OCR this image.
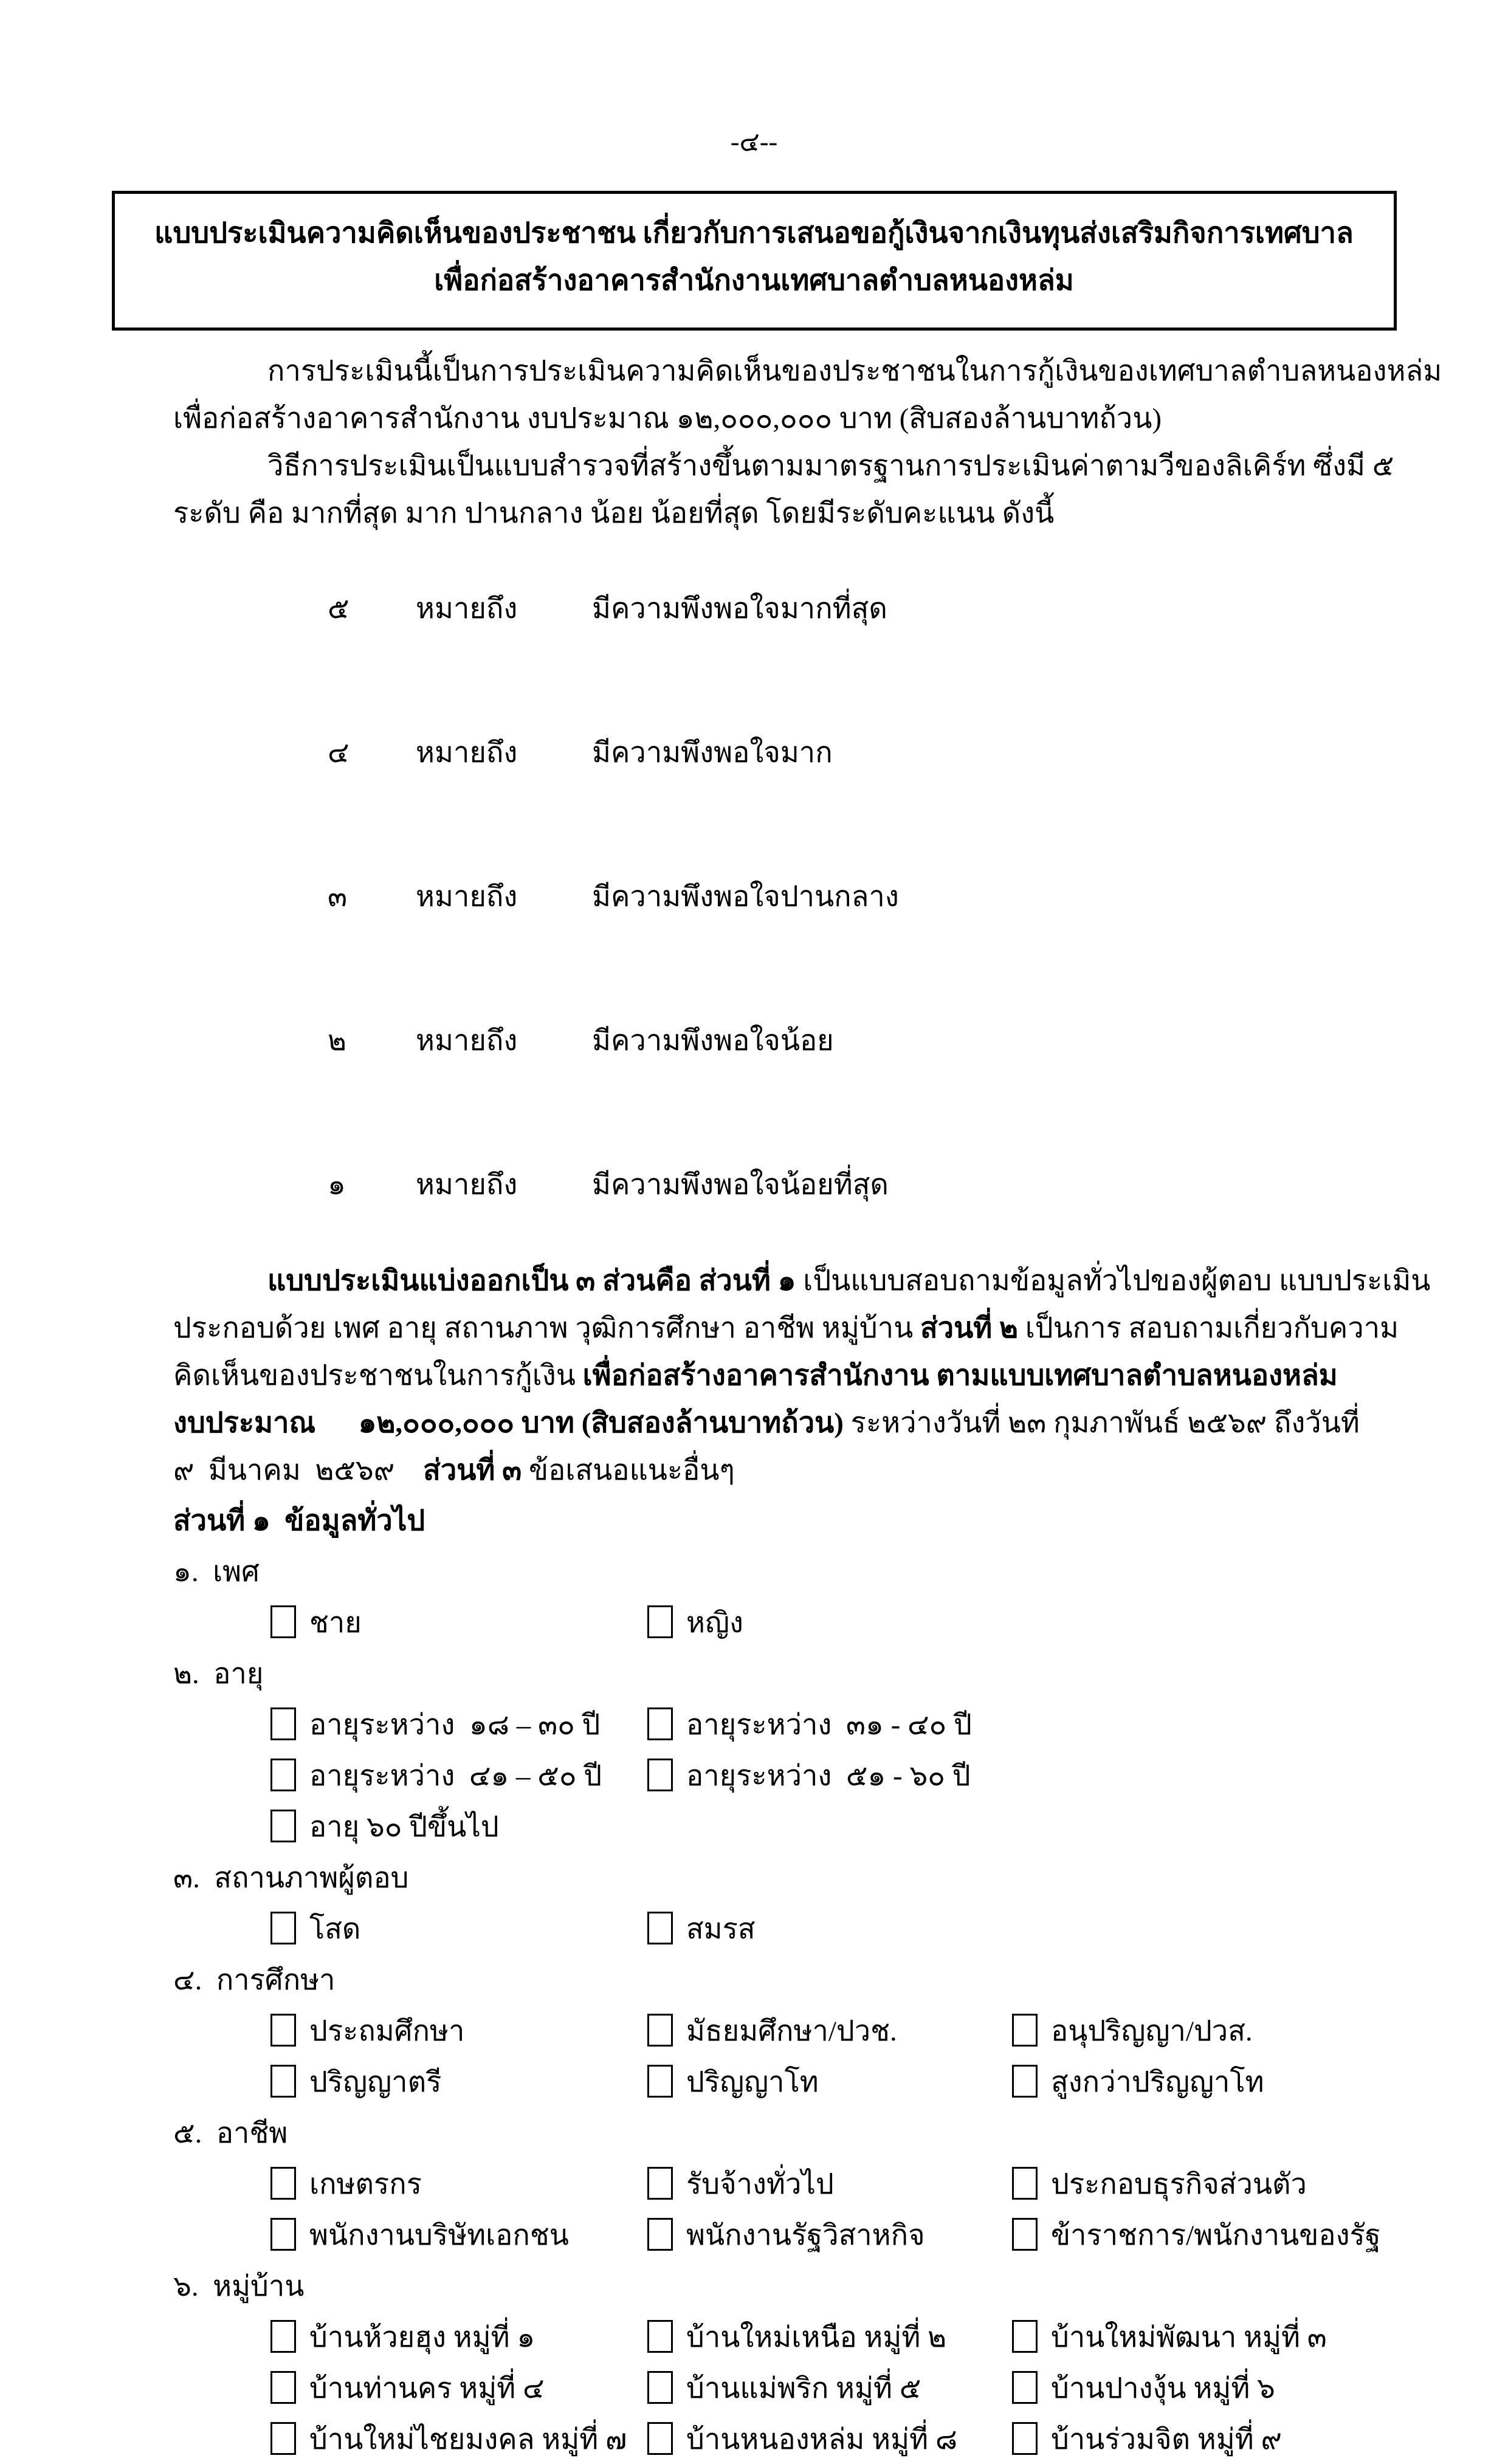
-๔--
แบบประเมินความคิดเห็นของประชาชน เกี่ยวกับการเสนอขอกู้เงินจากเงินทุนส่งเสริมกิจการเทศบาล
เพื่อก่อสร้างอาคารสำนักงานเทศบาลตำบลหนองหล่ม
การประเมินนี้เป็นการประเมินความคิดเห็นของประชาชนในการกู้เงินของเทศบาลตำบลหนองหล่ม
เพื่อก่อสร้างอาคารสำนักงาน งบประมาณ ๑๒,๐๐๐,๐๐๐ บาท (สิบสองล้านบาทถ้วน)
วิธีการประเมินเป็นแบบสำรวจที่สร้างขึ้นตามมาตรฐานการประเมินค่าตามวีของลิเคิร์ท ซึ่งมี ๕
ระดับ คือ มากที่สุด มาก ปานกลาง น้อย น้อยที่สุด โดยมีระดับคะแนน ดังนี้

๕ หมายถึง	มีความพึงพอใจมากที่สุด

๔ หมายถึง	มีความพึงพอใจมาก

๓ หมายถึง	มีความพึงพอใจปานกลาง

๒ หมายถึง	มีความพึงพอใจน้อย

๑ หมายถึง	มีความพึงพอใจน้อยที่สุด

แบบประเมินแบ่งออกเป็น ๓ ส่วนคือ ส่วนที่ ๑ เป็นแบบสอบถามข้อมูลทั่วไปของผู้ตอบ แบบประเมิน
ประกอบด้วย เพศ อายุ สถานภาพ วุฒิการศึกษา อาชีพ หมู่บ้าน ส่วนที่ ๒ เป็นการ สอบถามเกี่ยวกับความ
คิดเห็นของประชาชนในการกู้เงิน เพื่อก่อสร้างอาคารสำนักงาน ตามแบบเทศบาลตำบลหนองหล่ม
งบประมาณ      ๑๒,๐๐๐,๐๐๐ บาท (สิบสองล้านบาทถ้วน) ระหว่างวันที่ ๒๓ กุมภาพันธ์ ๒๕๖๙ ถึงวันที่
๙  มีนาคม  ๒๕๖๙    ส่วนที่ ๓ ข้อเสนอแนะอื่นๆ
ส่วนที่ ๑  ข้อมูลทั่วไป
๑.  เพศ
ชาย	หญิง
๒.  อายุ
อายุระหว่าง  ๑๘ – ๓๐ ปี	อายุระหว่าง  ๓๑ - ๔๐ ปี
อายุระหว่าง  ๔๑ – ๕๐ ปี	อายุระหว่าง  ๕๑ - ๖๐ ปี
อายุ ๖๐ ปีขึ้นไป
๓.  สถานภาพผู้ตอบ
โสด	สมรส
๔.  การศึกษา
ประถมศึกษา	มัธยมศึกษา/ปวช.	อนุปริญญา/ปวส.
ปริญญาตรี	ปริญญาโท	สูงกว่าปริญญาโท
๕.  อาชีพ
เกษตรกร	รับจ้างทั่วไป	ประกอบธุรกิจส่วนตัว
พนักงานบริษัทเอกชน	พนักงานรัฐวิสาหกิจ	ข้าราชการ/พนักงานของรัฐ
๖.  หมู่บ้าน
บ้านห้วยฮุง หมู่ที่ ๑	บ้านใหม่เหนือ หมู่ที่ ๒	บ้านใหม่พัฒนา หมู่ที่ ๓
บ้านท่านคร หมู่ที่ ๔	บ้านแม่พริก หมู่ที่ ๕	บ้านปางงุ้น หมู่ที่ ๖
บ้านใหม่ไชยมงคล หมู่ที่ ๗ บ้านหนองหล่ม หมู่ที่ ๘	บ้านร่วมจิต หมู่ที่ ๙
